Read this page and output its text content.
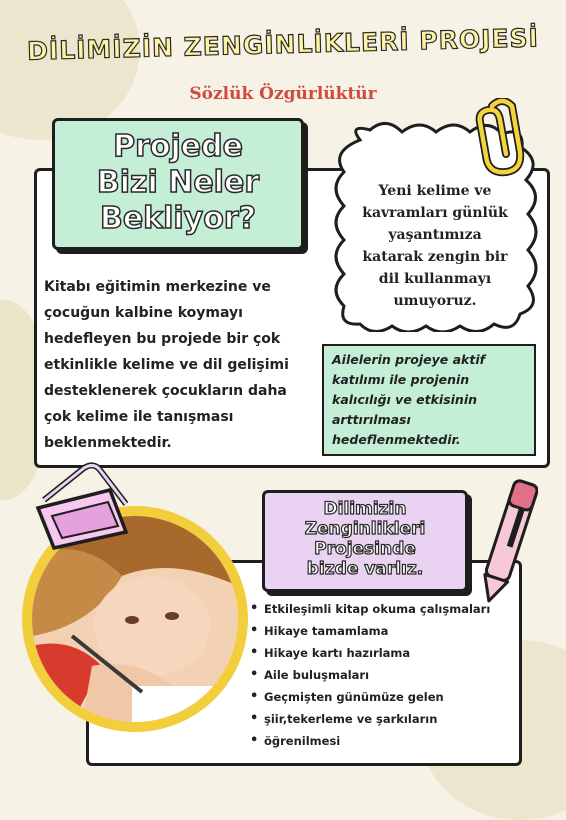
DİLİMİZİN ZENGİNLİKLERİ PROJESİ
Sözlük Özgürlüktür
Projede
Bizi Neler
Bekliyor?
Yeni kelime ve
kavramları günlük
yaşantımıza
katarak zengin bir
dil kullanmayı
umuyoruz.
Kitabı eğitimin merkezine ve
çocuğun kalbine koymayı
hedefleyen bu projede bir çok
etkinlikle kelime ve dil gelişimi
desteklenerek çocukların daha
çok kelime ile tanışması
beklenmektedir.
Ailelerin projeye aktif
katılımı ile projenin
kalıcılığı ve etkisinin
arttırılması
hedeflenmektedir.
Dilimizin
Zenginlikleri
Projesinde
bizde varlız.
• Etkileşimli kitap okuma çalışmaları
• Hikaye tamamlama
• Hikaye kartı hazırlama
• Aile buluşmaları
• Geçmişten günümüze gelen
• şiir,tekerleme ve şarkıların
• öğrenilmesi
